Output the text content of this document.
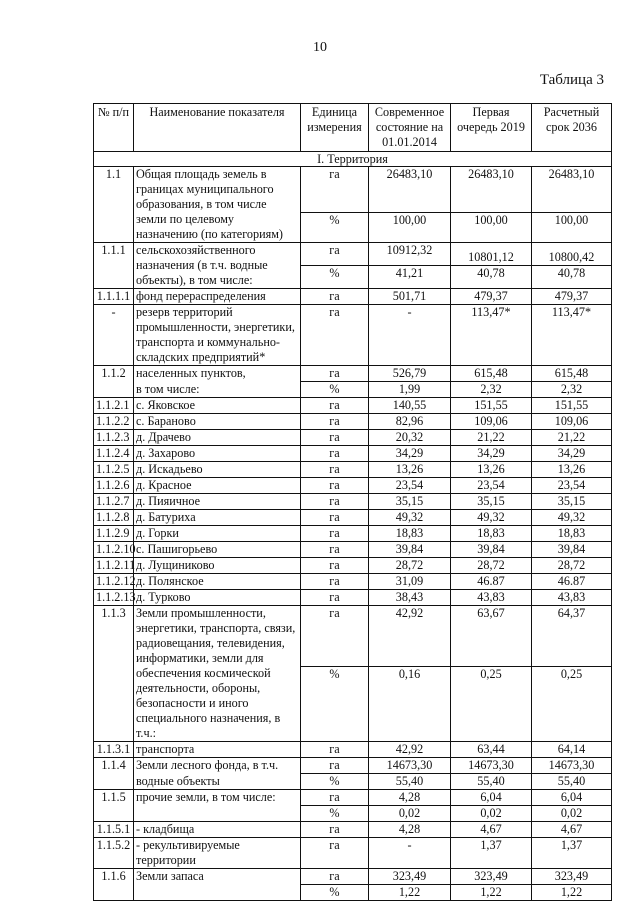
10
Таблица 3
№ п/п	Наименование показателя	Единица измерения	Современное состояние на 01.01.2014	Первая очередь 2019	Расчетный срок 2036
I. Территория					
1.1	Общая площадь земель в границах муниципального образования, в том числе	га	26483,10	26483,10	26483,10
	земли по целевому назначению (по категориям)	%	100,00	100,00	100,00
1.1.1	сельскохозяйственного назначения (в т.ч. водные объекты), в том числе:	га	10912,32	10801,12	10800,42
		%	41,21	40,78	40,78
1.1.1.1	фонд перераспределения	га	501,71	479,37	479,37
-	резерв территорий промышленности, энергетики, транспорта и коммунально-складских предприятий*	га	-	113,47*	113,47*
1.1.2	населенных пунктов,	га	526,79	615,48	615,48
	в том числе:	%	1,99	2,32	2,32
1.1.2.1	с. Яковское	га	140,55	151,55	151,55
1.1.2.2	с. Бараново	га	82,96	109,06	109,06
1.1.2.3	д. Драчево	га	20,32	21,22	21,22
1.1.2.4	д. Захарово	га	34,29	34,29	34,29
1.1.2.5	д. Искадьево	га	13,26	13,26	13,26
1.1.2.6	д. Красное	га	23,54	23,54	23,54
1.1.2.7	д. Пияичное	га	35,15	35,15	35,15
1.1.2.8	д. Батуриха	га	49,32	49,32	49,32
1.1.2.9	д. Горки	га	18,83	18,83	18,83
1.1.2.10	с. Пашигорьево	га	39,84	39,84	39,84
1.1.2.11	д. Лущиниково	га	28,72	28,72	28,72
1.1.2.12	д. Полянское	га	31,09	46.87	46.87
1.1.2.13	д. Турково	га	38,43	43,83	43,83
1.1.3	Земли промышленности, энергетики, транспорта, связи, радиовещания, телевидения, информатики, земли для	га	42,92	63,67	64,37
	обеспечения космической деятельности, обороны, безопасности и иного специального назначения, в т.ч.:	%	0,16	0,25	0,25
1.1.3.1	транспорта	га	42,92	63,44	64,14
1.1.4	Земли лесного фонда, в т.ч.	га	14673,30	14673,30	14673,30
	водные объекты	%	55,40	55,40	55,40
1.1.5	прочие земли, в том числе:	га	4,28	6,04	6,04
		%	0,02	0,02	0,02
1.1.5.1	- кладбища	га	4,28	4,67	4,67
1.1.5.2	- рекультивируемые территории	га	-	1,37	1,37
1.1.6	Земли запаса	га	323,49	323,49	323,49
		%	1,22	1,22	1,22
